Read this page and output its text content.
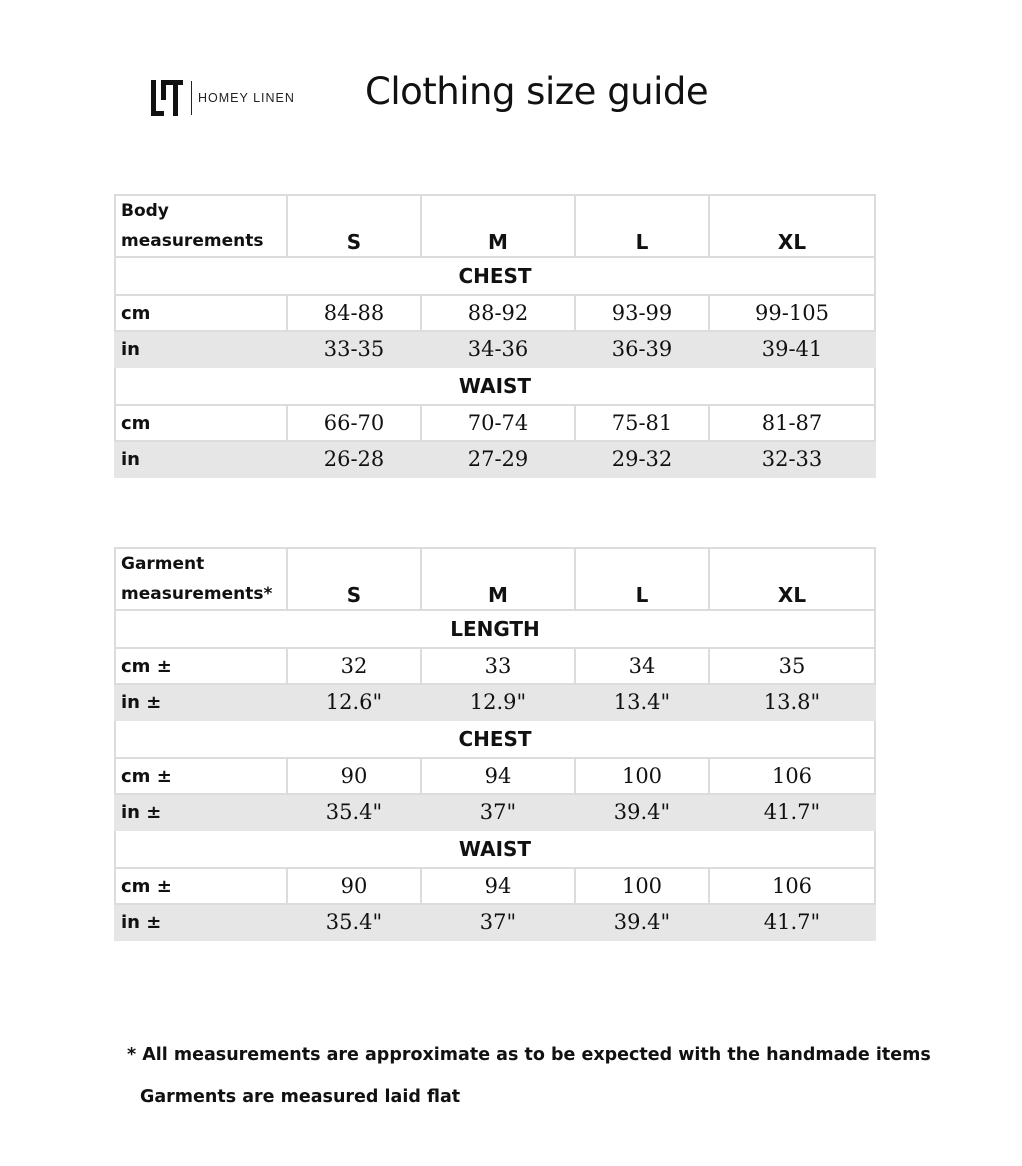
HOMEY LINEN Clothing size guide
Body
measurements	S	M	L	XL
CHEST				
cm	84-88	88-92	93-99	99-105
in	33-35	34-36	36-39	39-41
WAIST				
cm	66-70	70-74	75-81	81-87
in	26-28	27-29	29-32	32-33
Garment
measurements*	S	M	L	XL
LENGTH				
cm ±	32	33	34	35
in ±	12.6"	12.9"	13.4"	13.8"
CHEST				
cm ±	90	94	100	106
in ±	35.4"	37"	39.4"	41.7"
WAIST				
cm ±	90	94	100	106
in ±	35.4"	37"	39.4"	41.7"

* All measurements are approximate as to be expected with the handmade items

Garments are measured laid flat
